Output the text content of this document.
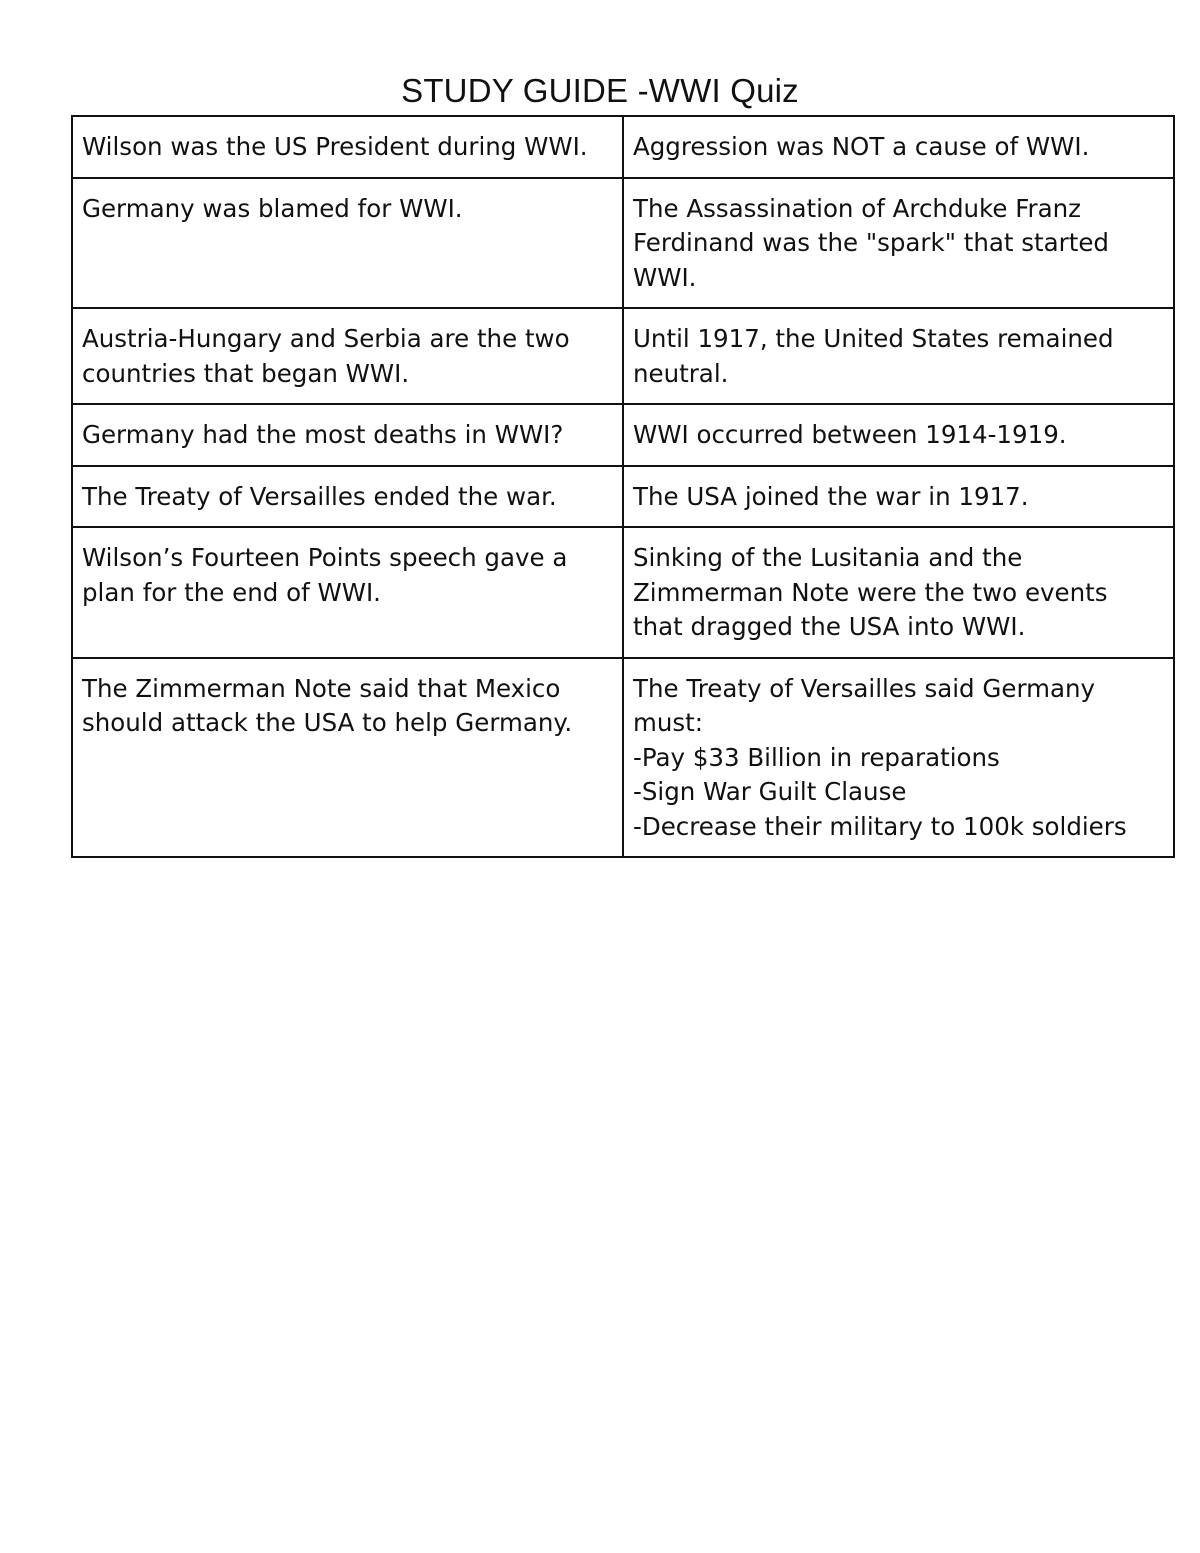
STUDY GUIDE -WWI Quiz
Wilson was the US President during WWI.	Aggression was NOT a cause of WWI.

Germany was blamed for WWI.	The Assassination of Archduke Franz Ferdinand was the "spark" that started WWI.

Austria-Hungary and Serbia are the two countries that began WWI.	Until 1917, the United States remained neutral.

Germany had the most deaths in WWI?	WWI occurred between 1914-1919.

The Treaty of Versailles ended the war.	The USA joined the war in 1917.

Wilson’s Fourteen Points speech gave a plan for the end of WWI.	Sinking of the Lusitania and the Zimmerman Note were the two events that dragged the USA into WWI.

The Zimmerman Note said that Mexico should attack the USA to help Germany.	The Treaty of Versailles said Germany must:
-Pay $33 Billion in reparations
-Sign War Guilt Clause
-Decrease their military to 100k soldiers
